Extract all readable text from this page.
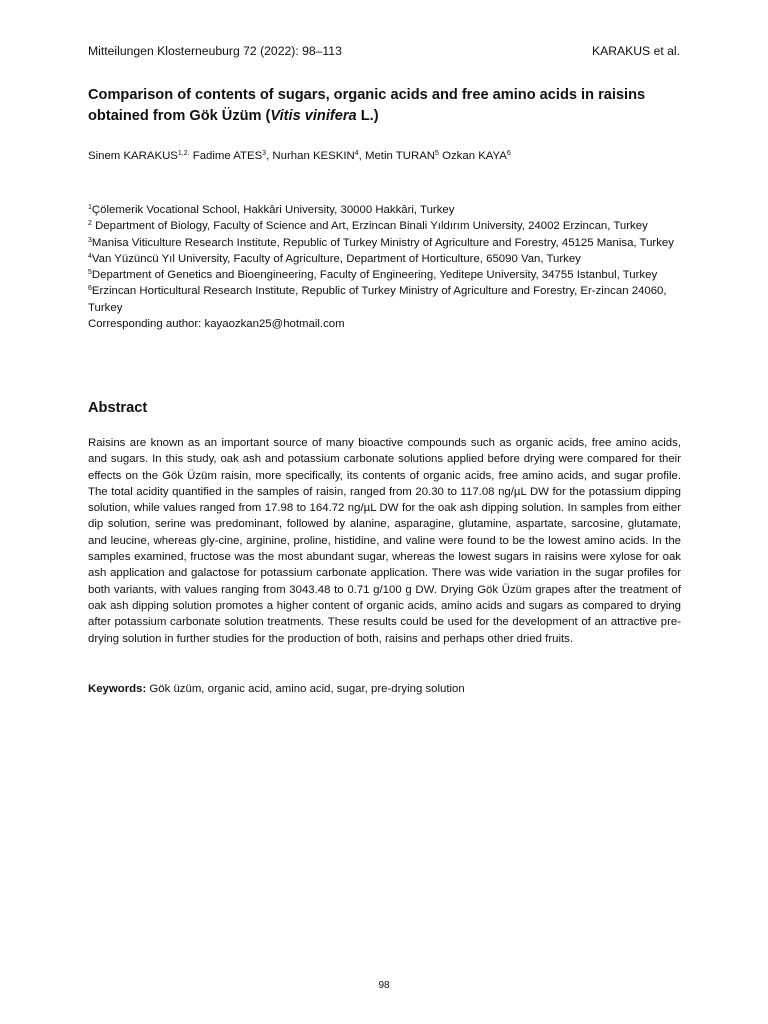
Mitteilungen Klosterneuburg 72 (2022): 98–113	KARAKUS et al.
Comparison of contents of sugars, organic acids and free amino acids in raisins obtained from Gök Üzüm (Vitis vinifera L.)
Sinem $KARAKUS^{1,2.}$ Fadime ATES$^3$, Nurhan KESKIN$^4$, Metin TURAN$^5$ Ozkan KAYA$^6$

$^1$Çölemerik Vocational School, Hakkâri University, 30000 Hakkâri, Turkey

$^2$ Department of Biology, Faculty of Science and Art, Erzincan Binali Yıldırım University, 24002 Erzincan, Turkey

$^3$Manisa Viticulture Research Institute, Republic of Turkey Ministry of Agriculture and Forestry, 45125 Manisa, Turkey

$^4$Van Yüzüncü Yıl University, Faculty of Agriculture, Department of Horticulture, 65090 Van, Turkey

$^5$Department of Genetics and Bioengineering, Faculty of Engineering, Yeditepe University, 34755 Istanbul, Turkey

$^6$Erzincan Horticultural Research Institute, Republic of Turkey Ministry of Agriculture and Forestry, Er-zincan 24060, Turkey

Corresponding author: kayaozkan25@hotmail.com

Abstract

Raisins are known as an important source of many bioactive compounds such as organic acids, free amino acids, and sugars. In this study, oak ash and potassium carbonate solutions applied before drying were compared for their effects on the Gök Üzüm raisin, more specifically, its contents of organic acids, free amino acids, and sugar profile. The total acidity quantified in the samples of raisin, ranged from 20.30 to 117.08 ng/µL DW for the potassium dipping solution, while values ranged from 17.98 to 164.72 ng/µL DW for the oak ash dipping solution. In samples from either dip solution, serine was predominant, followed by alanine, asparagine, glutamine, aspartate, sarcosine, glutamate, and leucine, whereas gly-cine, arginine, proline, histidine, and valine were found to be the lowest amino acids. In the samples examined, fructose was the most abundant sugar, whereas the lowest sugars in raisins were xylose for oak ash application and galactose for potassium carbonate application. There was wide variation in the sugar profiles for both variants, with values ranging from 3043.48 to 0.71 g/100 g DW. Drying Gök Üzüm grapes after the treatment of oak ash dipping solution promotes a higher content of organic acids, amino acids and sugars as compared to drying after potassium carbonate solution treatments. These results could be used for the development of an attractive pre-drying solution in further studies for the production of both, raisins and perhaps other dried fruits.

Keywords: Gök üzüm, organic acid, amino acid, sugar, pre-drying solution

98
